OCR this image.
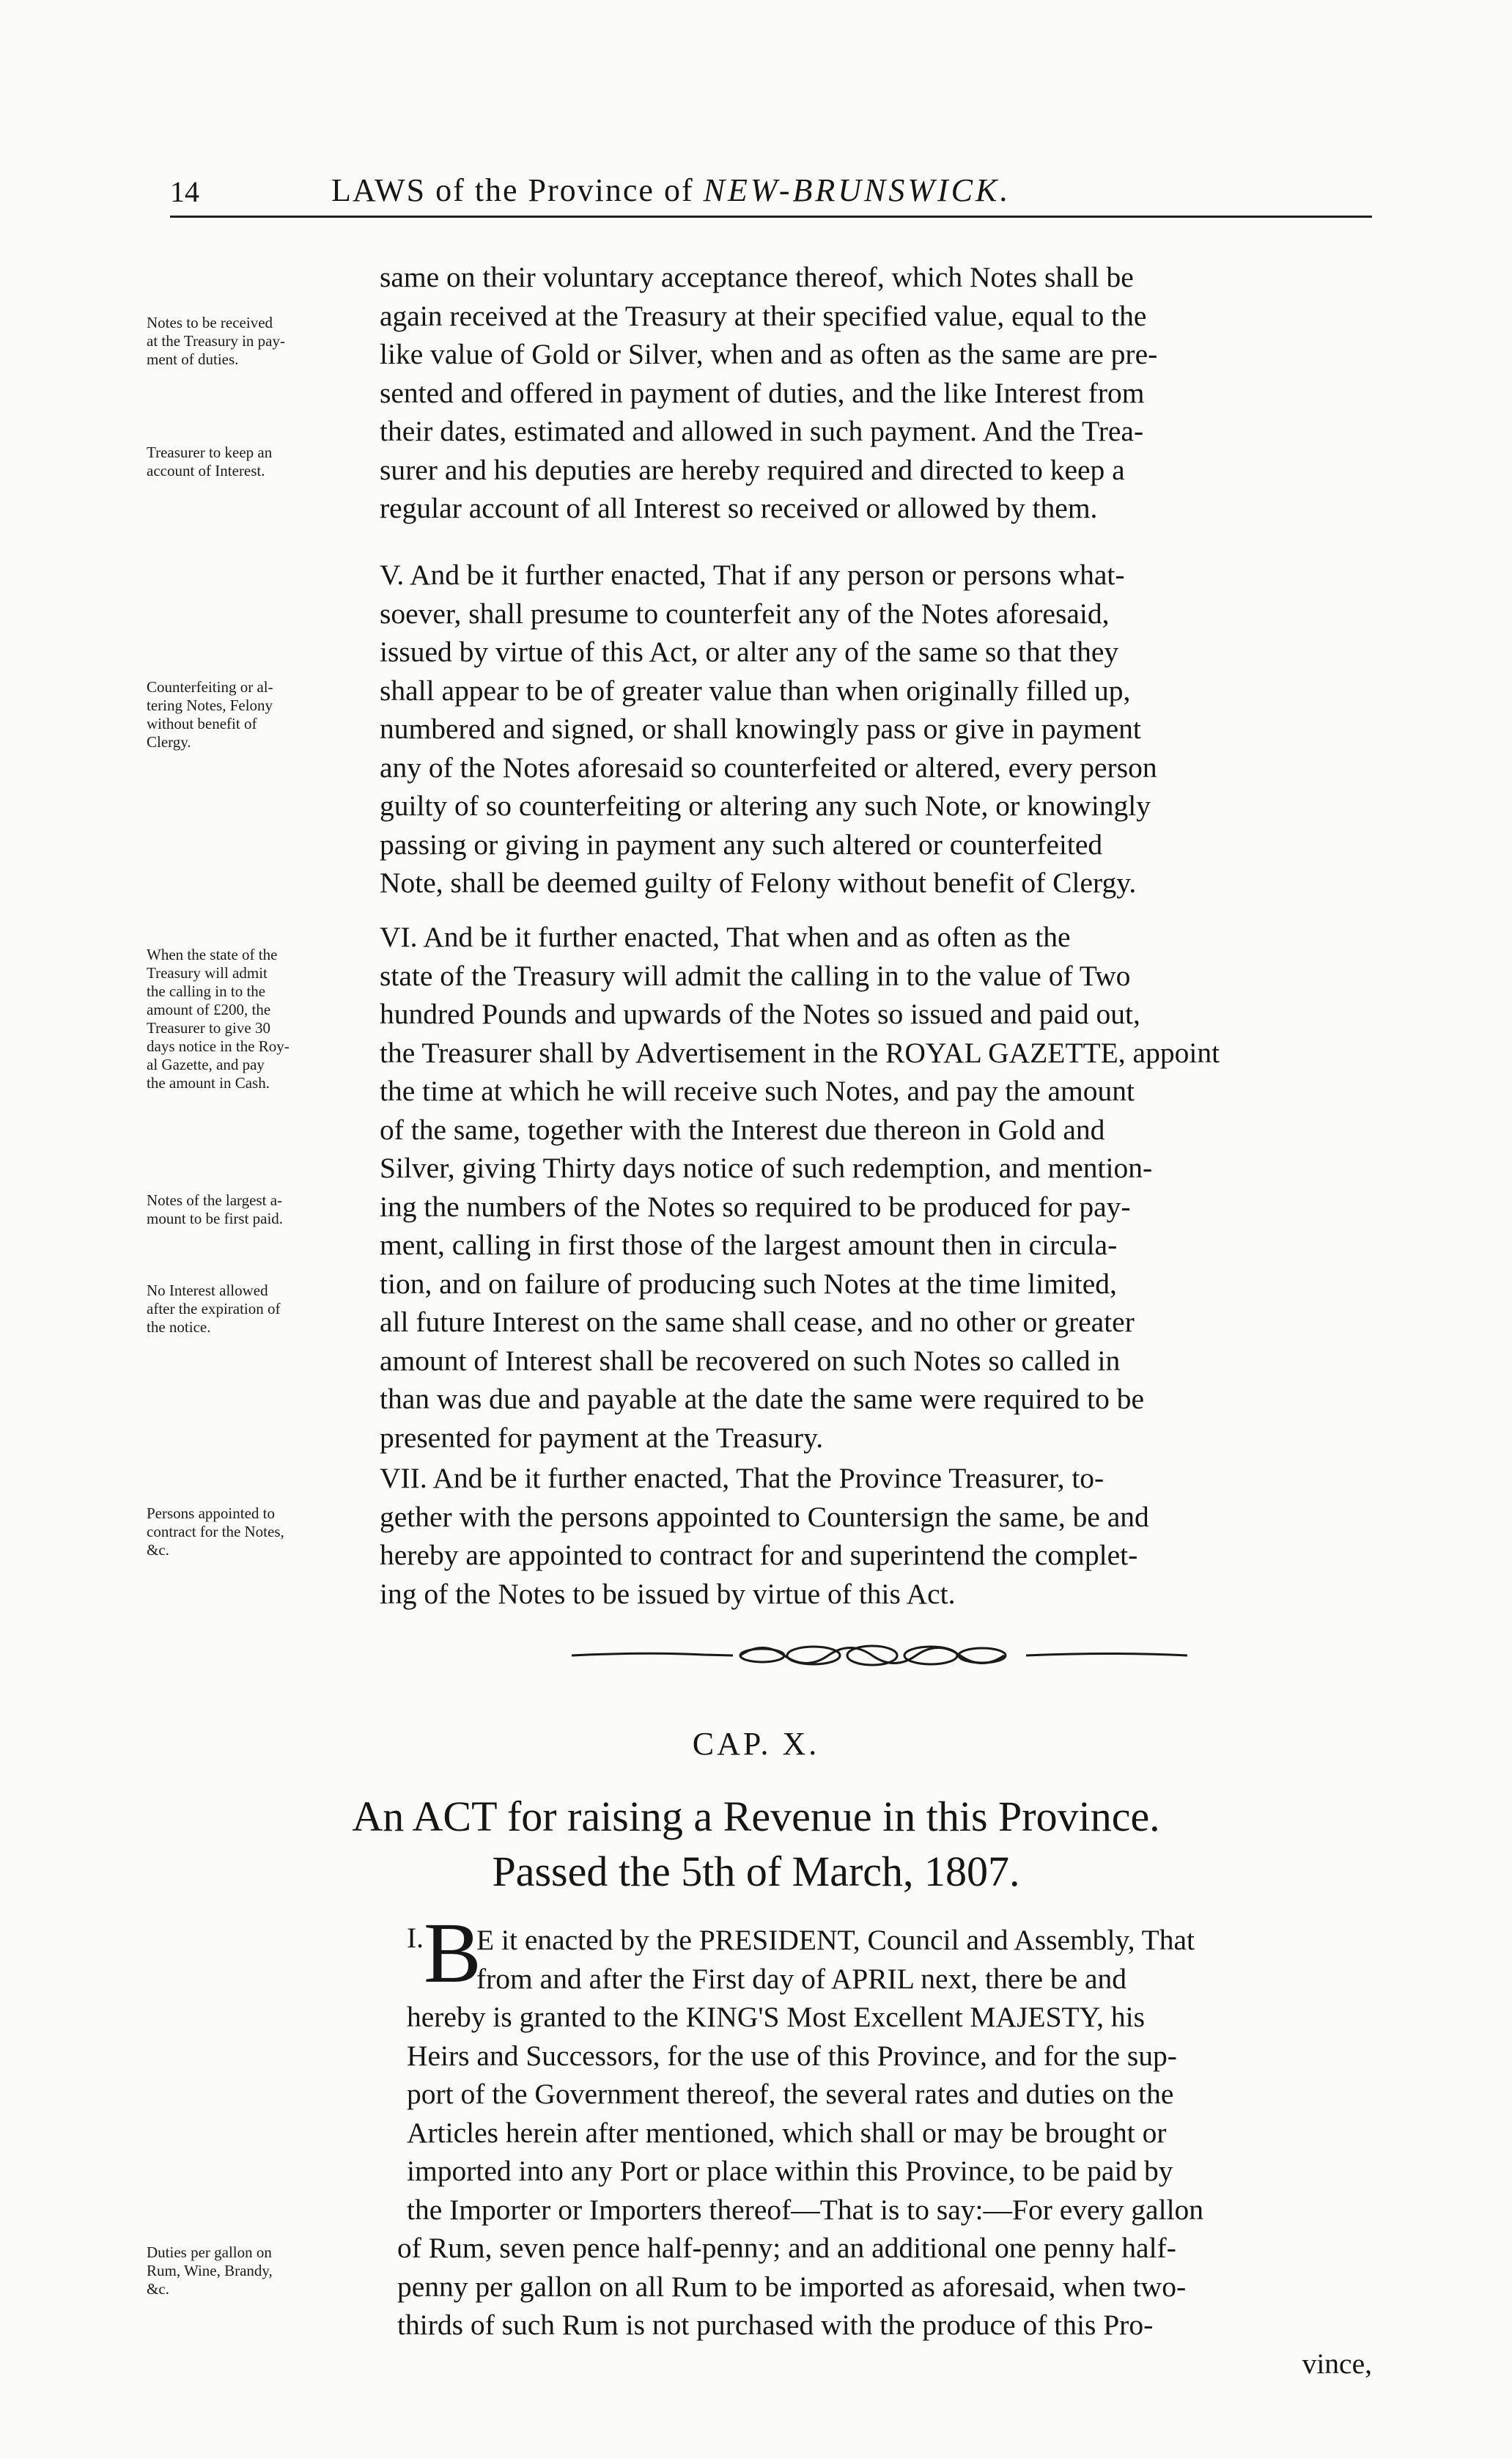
14	LAWS of the Province of NEW-BRUNSWICK.
same on their voluntary acceptance thereof, which Notes shall be
again received at the Treasury at their specified value, equal to the
like value of Gold or Silver, when and as often as the same are pre-
sented and offered in payment of duties, and the like Interest from
their dates, estimated and allowed in such payment. And the Trea-
surer and his deputies are hereby required and directed to keep a
regular account of all Interest so received or allowed by them.
V. And be it further enacted, That if any person or persons what-
soever, shall presume to counterfeit any of the Notes aforesaid,
issued by virtue of this Act, or alter any of the same so that they
shall appear to be of greater value than when originally filled up,
numbered and signed, or shall knowingly pass or give in payment
any of the Notes aforesaid so counterfeited or altered, every person
guilty of so counterfeiting or altering any such Note, or knowingly
passing or giving in payment any such altered or counterfeited
Note, shall be deemed guilty of Felony without benefit of Clergy.
VI. And be it further enacted, That when and as often as the
state of the Treasury will admit the calling in to the value of Two
hundred Pounds and upwards of the Notes so issued and paid out,
the Treasurer shall by Advertisement in the ROYAL GAZETTE, appoint
the time at which he will receive such Notes, and pay the amount
of the same, together with the Interest due thereon in Gold and
Silver, giving Thirty days notice of such redemption, and mention-
ing the numbers of the Notes so required to be produced for pay-
ment, calling in first those of the largest amount then in circula-
tion, and on failure of producing such Notes at the time limited,
all future Interest on the same shall cease, and no other or greater
amount of Interest shall be recovered on such Notes so called in
than was due and payable at the date the same were required to be
presented for payment at the Treasury.
VII. And be it further enacted, That the Province Treasurer, to-
gether with the persons appointed to Countersign the same, be and
hereby are appointed to contract for and superintend the complet-
ing of the Notes to be issued by virtue of this Act.
CAP. X.
An ACT for raising a Revenue in this Province.
Passed the 5th of March, 1807.
I. B
E it enacted by the PRESIDENT, Council and Assembly, That
from and after the First day of APRIL next, there be and
hereby is granted to the KING'S Most Excellent MAJESTY, his
Heirs and Successors, for the use of this Province, and for the sup-
port of the Government thereof, the several rates and duties on the
Articles herein after mentioned, which shall or may be brought or
imported into any Port or place within this Province, to be paid by
the Importer or Importers thereof—That is to say:—For every gallon
of Rum, seven pence half-penny; and an additional one penny half-
penny per gallon on all Rum to be imported as aforesaid, when two-
thirds of such Rum is not purchased with the produce of this Pro-
vince,
Notes to be received
at the Treasury in pay-
ment of duties.
Treasurer to keep an
account of Interest.
Counterfeiting or al-
tering Notes, Felony
without benefit of
Clergy.
When the state of the
Treasury will admit
the calling in to the
amount of £200, the
Treasurer to give 30
days notice in the Roy-
al Gazette, and pay
the amount in Cash.
Notes of the largest a-
mount to be first paid.
No Interest allowed
after the expiration of
the notice.
Persons appointed to
contract for the Notes,
&c.
Duties per gallon on
Rum, Wine, Brandy,
&c.
